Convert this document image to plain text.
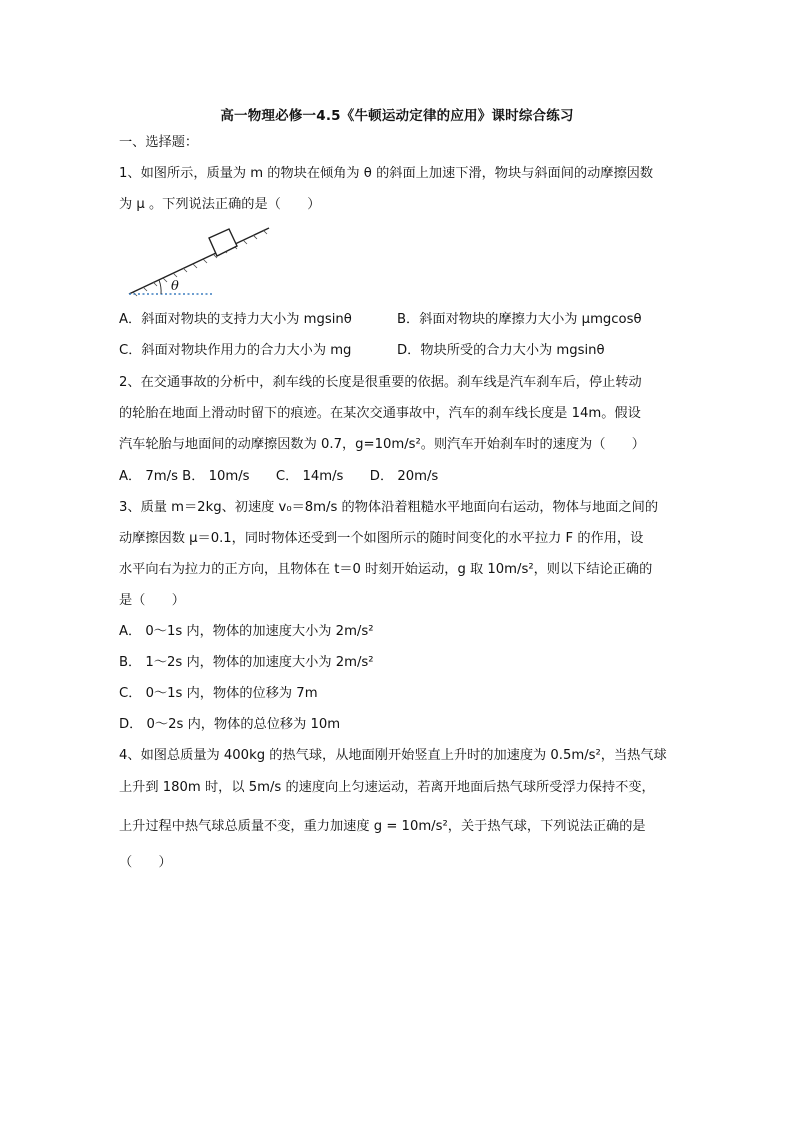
高一物理必修一4.5《牛顿运动定律的应用》课时综合练习
一、选择题：
1、如图所示，质量为 m 的物块在倾角为 θ 的斜面上加速下滑，物块与斜面间的动摩擦因数
为 μ 。下列说法正确的是（　　）
θ
A．斜面对物块的支持力大小为 mgsinθ	B．斜面对物块的摩擦力大小为 μmgcosθ
C．斜面对物块作用力的合力大小为 mg	D．物块所受的合力大小为 mgsinθ
2、在交通事故的分析中，刹车线的长度是很重要的依据。刹车线是汽车刹车后，停止转动
的轮胎在地面上滑动时留下的痕迹。在某次交通事故中，汽车的刹车线长度是 14m。假设
汽车轮胎与地面间的动摩擦因数为 0.7，g=10m/s²。则汽车开始刹车时的速度为（　　）
A． 7m/s B． 10m/s　　C． 14m/s　　D． 20m/s
3、质量 m＝2kg、初速度 v₀＝8m/s 的物体沿着粗糙水平地面向右运动，物体与地面之间的
动摩擦因数 μ＝0.1，同时物体还受到一个如图所示的随时间变化的水平拉力 F 的作用，设
水平向右为拉力的正方向，且物体在 t＝0 时刻开始运动，g 取 10m/s²，则以下结论正确的
是（　　）
A． 0～1s 内，物体的加速度大小为 2m/s²
B． 1～2s 内，物体的加速度大小为 2m/s²
C． 0～1s 内，物体的位移为 7m
D． 0～2s 内，物体的总位移为 10m
4、如图总质量为 400kg 的热气球，从地面刚开始竖直上升时的加速度为 0.5m/s²，当热气球
上升到 180m 时，以 5m/s 的速度向上匀速运动，若离开地面后热气球所受浮力保持不变，
上升过程中热气球总质量不变，重力加速度 g = 10m/s²，关于热气球，下列说法正确的是
（　　）
